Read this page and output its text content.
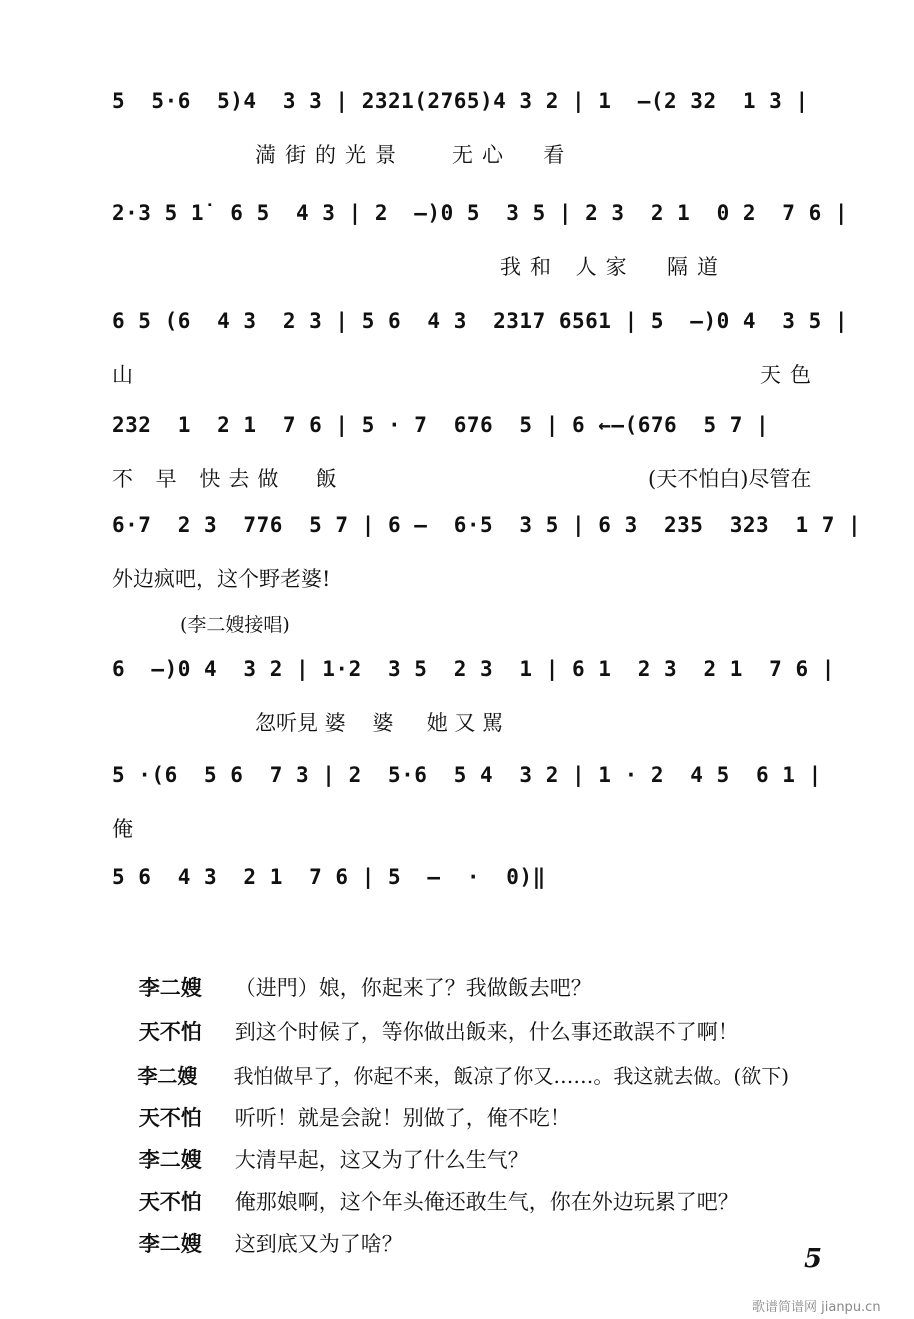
5  5·6  5)4  3 3 | 2321(2765)4 3 2 | 1  —(2 32  1 3 |
満街的光景   无心  看
2·3 5 1̇  6 5  4 3 | 2  —)0 5  3 5 | 2 3  2 1  0 2  7 6 |
我和 人家  隔道
6 5 (6  4 3  2 3 | 5 6  4 3  2317 6561 | 5  —)0 4  3 5 |
山	天色
232  1  2 1  7 6 | 5 · 7  676  5 | 6 ←—(676  5 7 |
不 早 快去做  飯	(天不怕白)尽管在
6·7  2 3  776  5 7 | 6 —  6·5  3 5 | 6 3  235  323  1 7 |
外边疯吧，这个野老婆!
(李二嫂接唱)
6  —)0 4  3 2 | 1·2  3 5  2 3  1 | 6 1  2 3  2 1  7 6 |
忽听見 婆    婆     她 又 駡
5 ·(6  5 6  7 3 | 2  5·6  5 4  3 2 | 1 · 2  4 5  6 1 |
俺
5 6  4 3  2 1  7 6 | 5  —  ·  0)‖

李二嫂 （进門）娘，你起来了？我做飯去吧？

天不怕 到这个时候了，等你做出飯来，什么事还敢誤不了啊！

李二嫂 我怕做早了，你起不来，飯凉了你又……。我这就去做。(欲下)

天不怕 听听！就是会說！别做了，俺不吃！

李二嫂 大清早起，这又为了什么生气？

天不怕 俺那娘啊，这个年头俺还敢生气，你在外边玩累了吧？

李二嫂 这到底又为了啥？
	5
歌谱简谱网 jianpu.cn
